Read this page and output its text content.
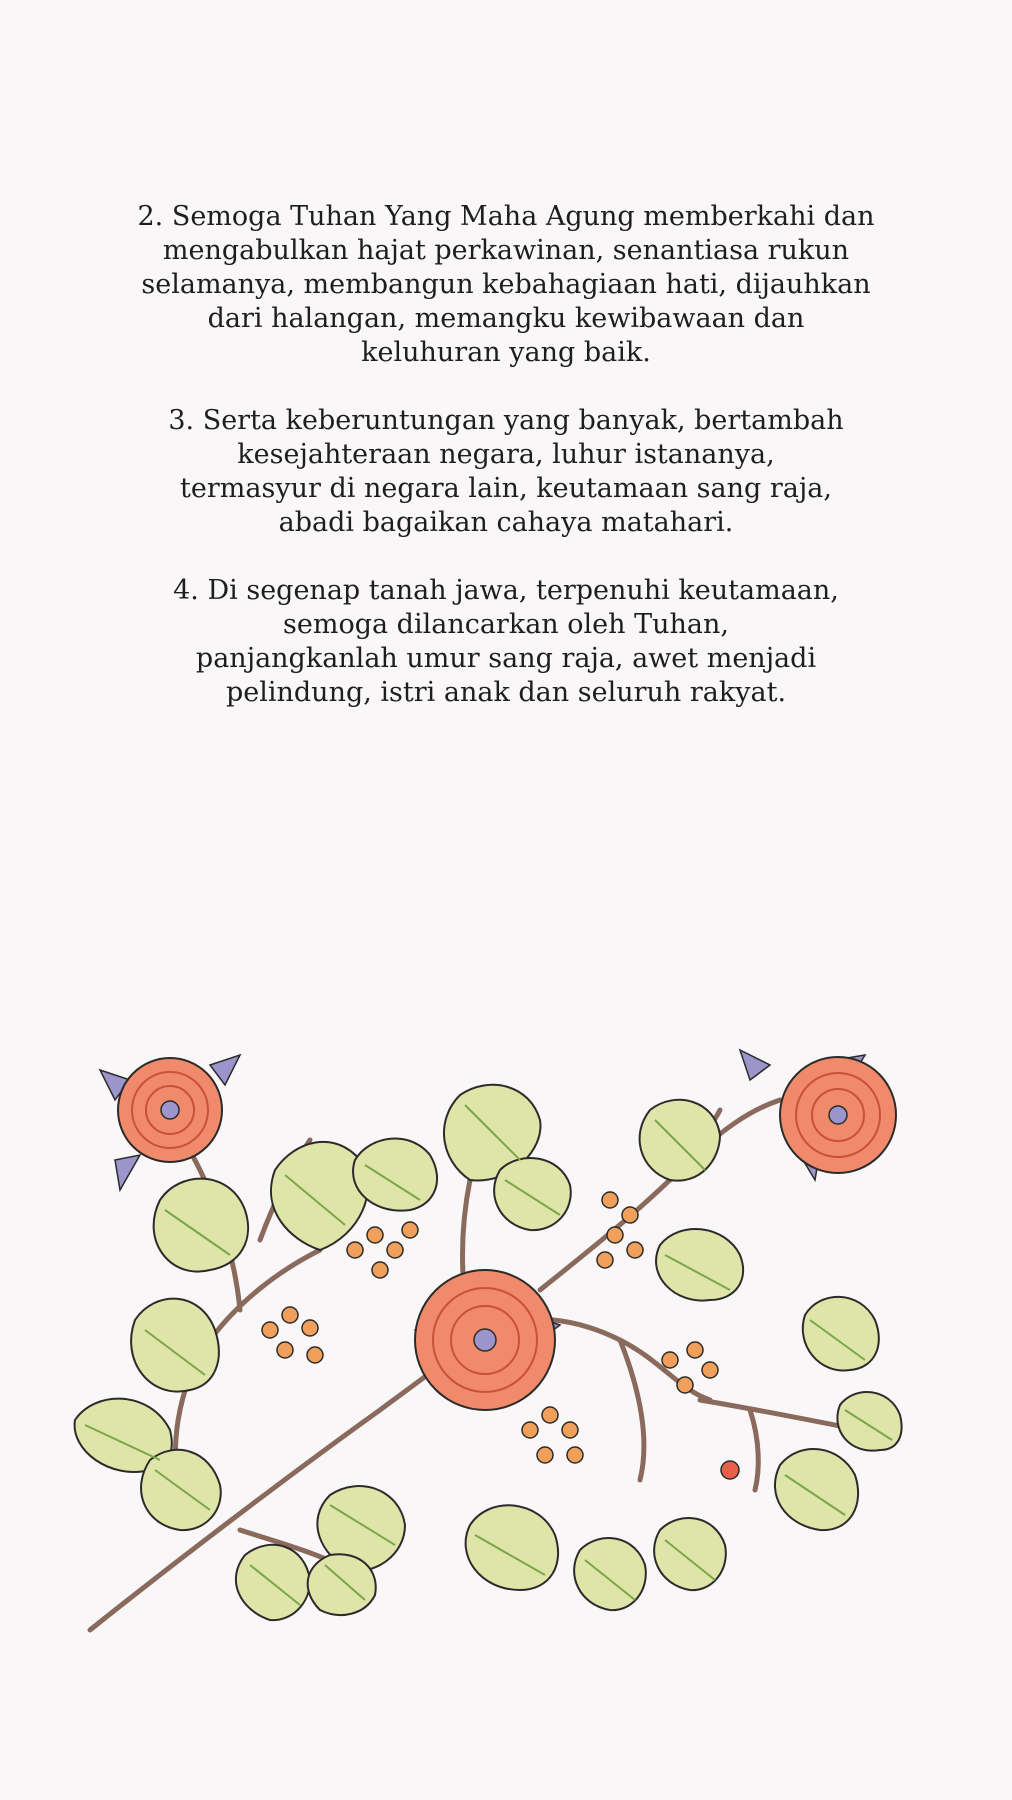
2. Semoga Tuhan Yang Maha Agung memberkahi dan
mengabulkan hajat perkawinan, senantiasa rukun
selamanya, membangun kebahagiaan hati, dijauhkan
dari halangan, memangku kewibawaan dan
keluhuran yang baik.

3. Serta keberuntungan yang banyak, bertambah
kesejahteraan negara, luhur istananya,
termasyur di negara lain, keutamaan sang raja,
abadi bagaikan cahaya matahari.

4. Di segenap tanah jawa, terpenuhi keutamaan,
semoga dilancarkan oleh Tuhan,
panjangkanlah umur sang raja, awet menjadi
pelindung, istri anak dan seluruh rakyat.
